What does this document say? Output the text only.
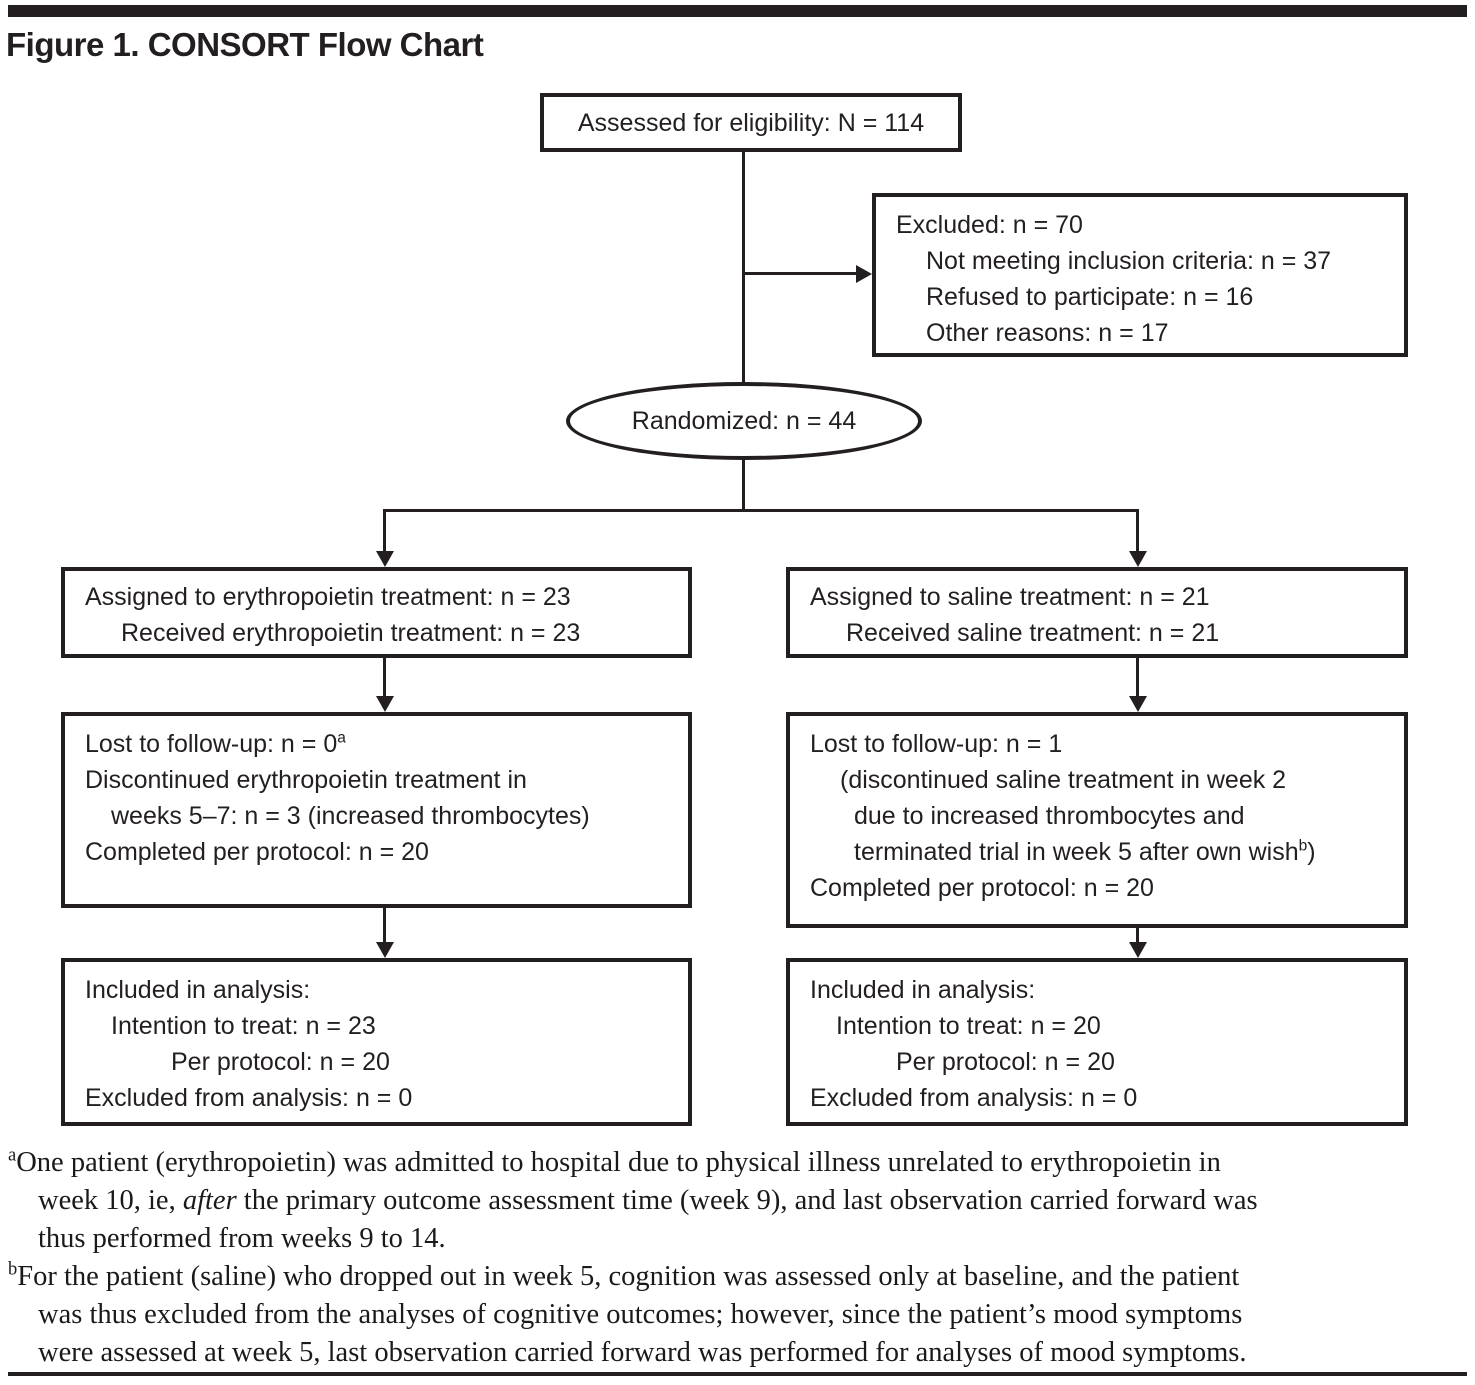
Figure 1. CONSORT Flow Chart
Assessed for eligibility: N = 114
Excluded: n = 70
Not meeting inclusion criteria: n = 37
Refused to participate: n = 16
Other reasons: n = 17
Randomized: n = 44
Assigned to erythropoietin treatment: n = 23
Received erythropoietin treatment: n = 23
Assigned to saline treatment: n = 21
Received saline treatment: n = 21
Lost to follow-up: n = 0$^a$
Discontinued erythropoietin treatment in
weeks 5–7: n = 3 (increased thrombocytes)
Completed per protocol: n = 20
Lost to follow-up: n = 1
(discontinued saline treatment in week 2
due to increased thrombocytes and
terminated trial in week 5 after own wish$^b$)
Completed per protocol: n = 20
Included in analysis:
Intention to treat: n = 23
Per protocol: n = 20
Excluded from analysis: n = 0
Included in analysis:
Intention to treat: n = 20
Per protocol: n = 20
Excluded from analysis: n = 0
$^a$One patient (erythropoietin) was admitted to hospital due to physical illness unrelated to erythropoietin in
week 10, ie, after the primary outcome assessment time (week 9), and last observation carried forward was
thus performed from weeks 9 to 14.
$^b$For the patient (saline) who dropped out in week 5, cognition was assessed only at baseline, and the patient
was thus excluded from the analyses of cognitive outcomes; however, since the patient’s mood symptoms
were assessed at week 5, last observation carried forward was performed for analyses of mood symptoms.
